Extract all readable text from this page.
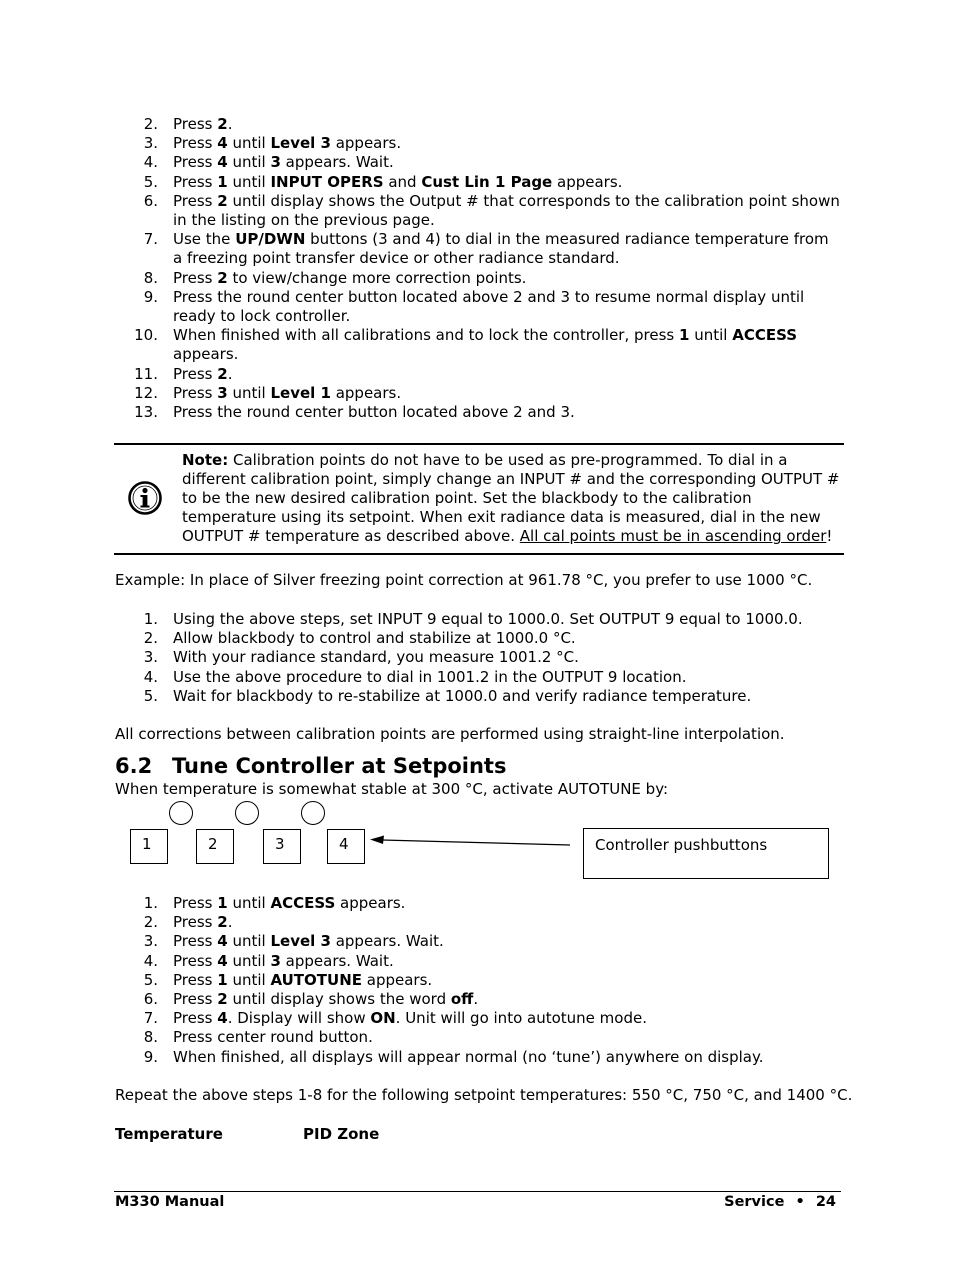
2. Press 2.
3. Press 4 until Level 3 appears.
4. Press 4 until 3 appears. Wait.
5. Press 1 until INPUT OPERS and Cust Lin 1 Page appears.
6. Press 2 until display shows the Output # that corresponds to the calibration point shown in the listing on the previous page.
7. Use the UP/DWN buttons (3 and 4) to dial in the measured radiance temperature from a freezing point transfer device or other radiance standard.
8. Press 2 to view/change more correction points.
9. Press the round center button located above 2 and 3 to resume normal display until ready to lock controller.
10. When finished with all calibrations and to lock the controller, press 1 until ACCESS appears.
11. Press 2.
12. Press 3 until Level 1 appears.
13. Press the round center button located above 2 and 3.
Note: Calibration points do not have to be used as pre-programmed. To dial in a different calibration point, simply change an INPUT # and the corresponding OUTPUT # to be the new desired calibration point. Set the blackbody to the calibration temperature using its setpoint. When exit radiance data is measured, dial in the new OUTPUT # temperature as described above. All cal points must be in ascending order!
Example: In place of Silver freezing point correction at 961.78 °C, you prefer to use 1000 °C.
1. Using the above steps, set INPUT 9 equal to 1000.0. Set OUTPUT 9 equal to 1000.0.
2. Allow blackbody to control and stabilize at 1000.0 °C.
3. With your radiance standard, you measure 1001.2 °C.
4. Use the above procedure to dial in 1001.2 in the OUTPUT 9 location.
5. Wait for blackbody to re-stabilize at 1000.0 and verify radiance temperature.
All corrections between calibration points are performed using straight-line interpolation.
6.2 Tune Controller at Setpoints
When temperature is somewhat stable at 300 °C, activate AUTOTUNE by:
1	2	3	4	Controller pushbuttons
1. Press 1 until ACCESS appears.
2. Press 2.
3. Press 4 until Level 3 appears. Wait.
4. Press 4 until 3 appears. Wait.
5. Press 1 until AUTOTUNE appears.
6. Press 2 until display shows the word off.
7. Press 4. Display will show ON. Unit will go into autotune mode.
8. Press center round button.
9. When finished, all displays will appear normal (no ‘tune’) anywhere on display.
Repeat the above steps 1-8 for the following setpoint temperatures: 550 °C, 750 °C, and 1400 °C.
Temperature	PID Zone
M330 Manual	Service • 24
